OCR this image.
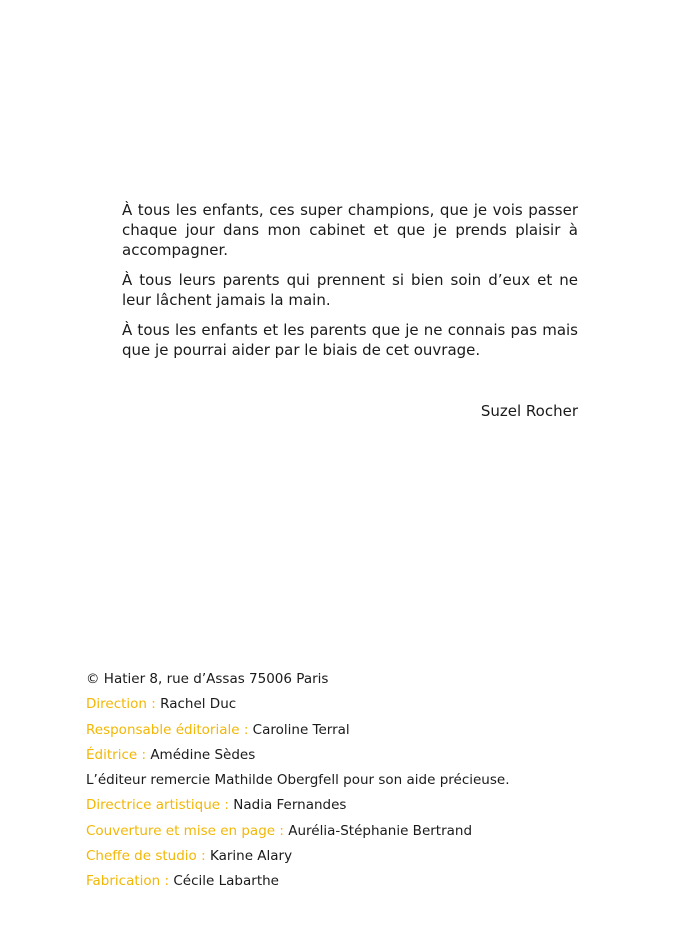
À tous les enfants, ces super champions, que je vois passer chaque jour dans mon cabinet et que je prends plaisir à accompagner.

À tous leurs parents qui prennent si bien soin d’eux et ne leur lâchent jamais la main.

À tous les enfants et les parents que je ne connais pas mais que je pourrai aider par le biais de cet ouvrage.

Suzel Rocher
© Hatier 8, rue d’Assas 75006 Paris
Direction : Rachel Duc
Responsable éditoriale : Caroline Terral
Éditrice : Amédine Sèdes
L’éditeur remercie Mathilde Obergfell pour son aide précieuse.
Directrice artistique : Nadia Fernandes
Couverture et mise en page : Aurélia-Stéphanie Bertrand
Cheffe de studio : Karine Alary
Fabrication : Cécile Labarthe
